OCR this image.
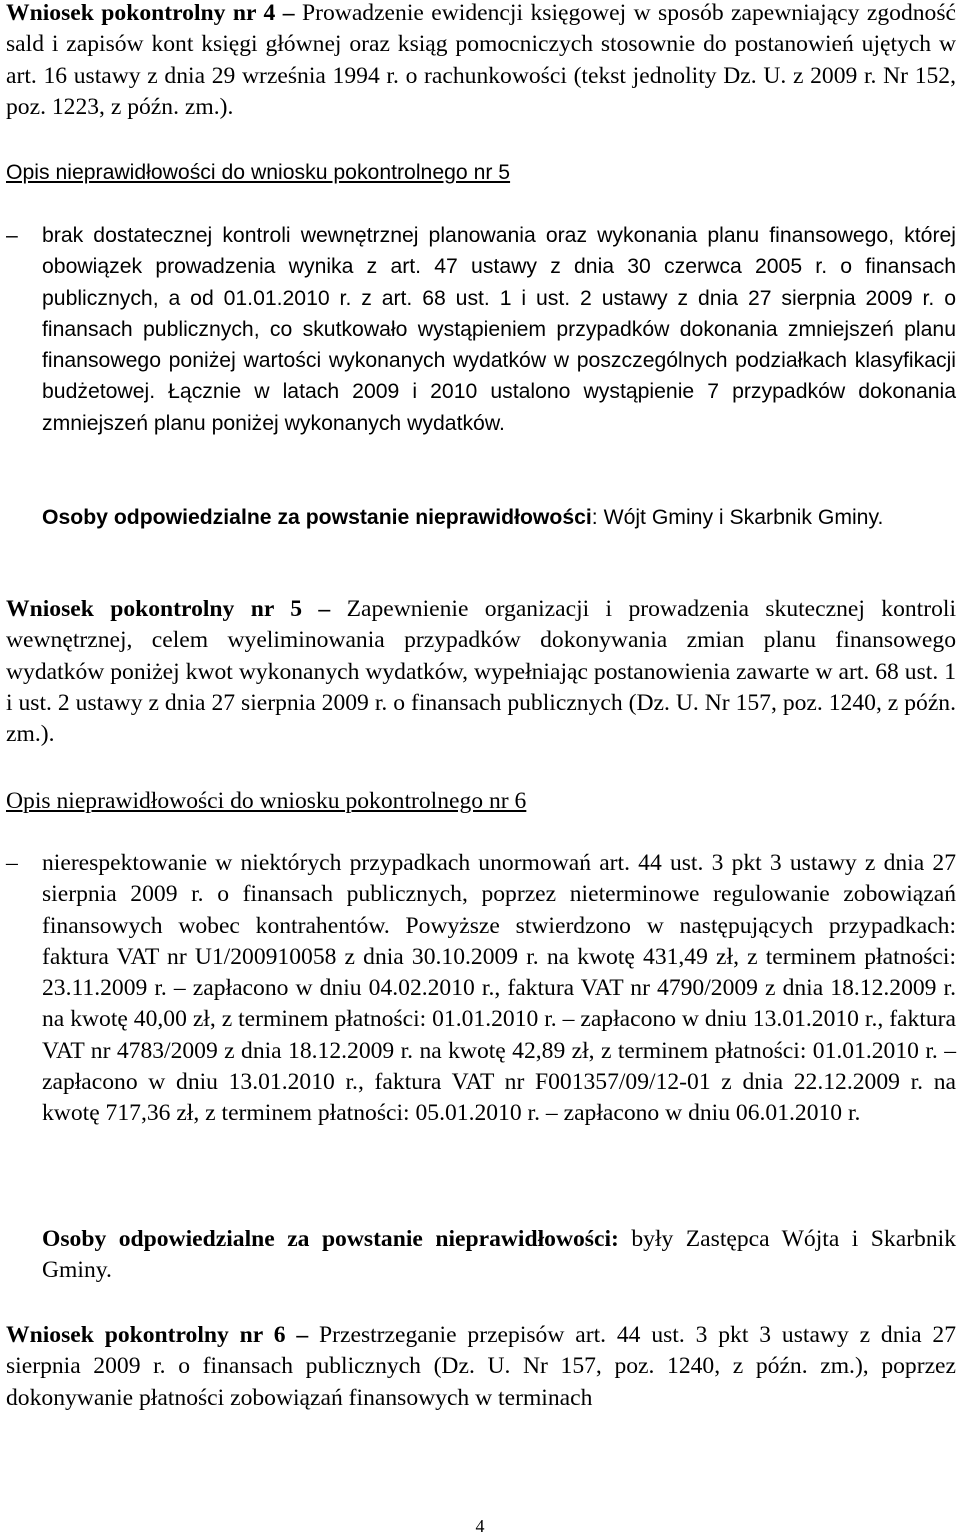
Wniosek pokontrolny nr 4 – Prowadzenie ewidencji księgowej w sposób zapewniający zgodność sald i zapisów kont księgi głównej oraz ksiąg pomocniczych stosownie do postanowień ujętych w art. 16 ustawy z dnia 29 września 1994 r. o rachunkowości (tekst jednolity Dz. U. z 2009 r. Nr 152, poz. 1223, z późn. zm.).

Opis nieprawidłowości do wniosku pokontrolnego nr 5

– brak dostatecznej kontroli wewnętrznej planowania oraz wykonania planu finansowego, której obowiązek prowadzenia wynika z art. 47 ustawy z dnia 30 czerwca 2005 r. o finansach publicznych, a od 01.01.2010 r. z art. 68 ust. 1 i ust. 2 ustawy z dnia 27 sierpnia 2009 r. o finansach publicznych, co skutkowało wystąpieniem przypadków dokonania zmniejszeń planu finansowego poniżej wartości wykonanych wydatków w poszczególnych podziałkach klasyfikacji budżetowej. Łącznie w latach 2009 i 2010 ustalono wystąpienie 7 przypadków dokonania zmniejszeń planu poniżej wykonanych wydatków.

Osoby odpowiedzialne za powstanie nieprawidłowości: Wójt Gminy i Skarbnik Gminy.

Wniosek pokontrolny nr 5 – Zapewnienie organizacji i prowadzenia skutecznej kontroli wewnętrznej, celem wyeliminowania przypadków dokonywania zmian planu finansowego wydatków poniżej kwot wykonanych wydatków, wypełniając postanowienia zawarte w art. 68 ust. 1 i ust. 2 ustawy z dnia 27 sierpnia 2009 r. o finansach publicznych (Dz. U. Nr 157, poz. 1240, z późn. zm.).

Opis nieprawidłowości do wniosku pokontrolnego nr 6

– nierespektowanie w niektórych przypadkach unormowań art. 44 ust. 3 pkt 3 ustawy z dnia 27 sierpnia 2009 r. o finansach publicznych, poprzez nieterminowe regulowanie zobowiązań finansowych wobec kontrahentów. Powyższe stwierdzono w następujących przypadkach: faktura VAT nr U1/200910058 z dnia 30.10.2009 r. na kwotę 431,49 zł, z terminem płatności: 23.11.2009 r. – zapłacono w dniu 04.02.2010 r., faktura VAT nr 4790/2009 z dnia 18.12.2009 r. na kwotę 40,00 zł, z terminem płatności: 01.01.2010 r. – zapłacono w dniu 13.01.2010 r., faktura VAT nr 4783/2009 z dnia 18.12.2009 r. na kwotę 42,89 zł, z terminem płatności: 01.01.2010 r. – zapłacono w dniu 13.01.2010 r., faktura VAT nr F001357/09/12-01 z dnia 22.12.2009 r. na kwotę 717,36 zł, z terminem płatności: 05.01.2010 r. – zapłacono w dniu 06.01.2010 r.

Osoby odpowiedzialne za powstanie nieprawidłowości: były Zastępca Wójta i Skarbnik Gminy.

Wniosek pokontrolny nr 6 – Przestrzeganie przepisów art. 44 ust. 3 pkt 3 ustawy z dnia 27 sierpnia 2009 r. o finansach publicznych (Dz. U. Nr 157, poz. 1240, z późn. zm.), poprzez dokonywanie płatności zobowiązań finansowych w terminach

4
